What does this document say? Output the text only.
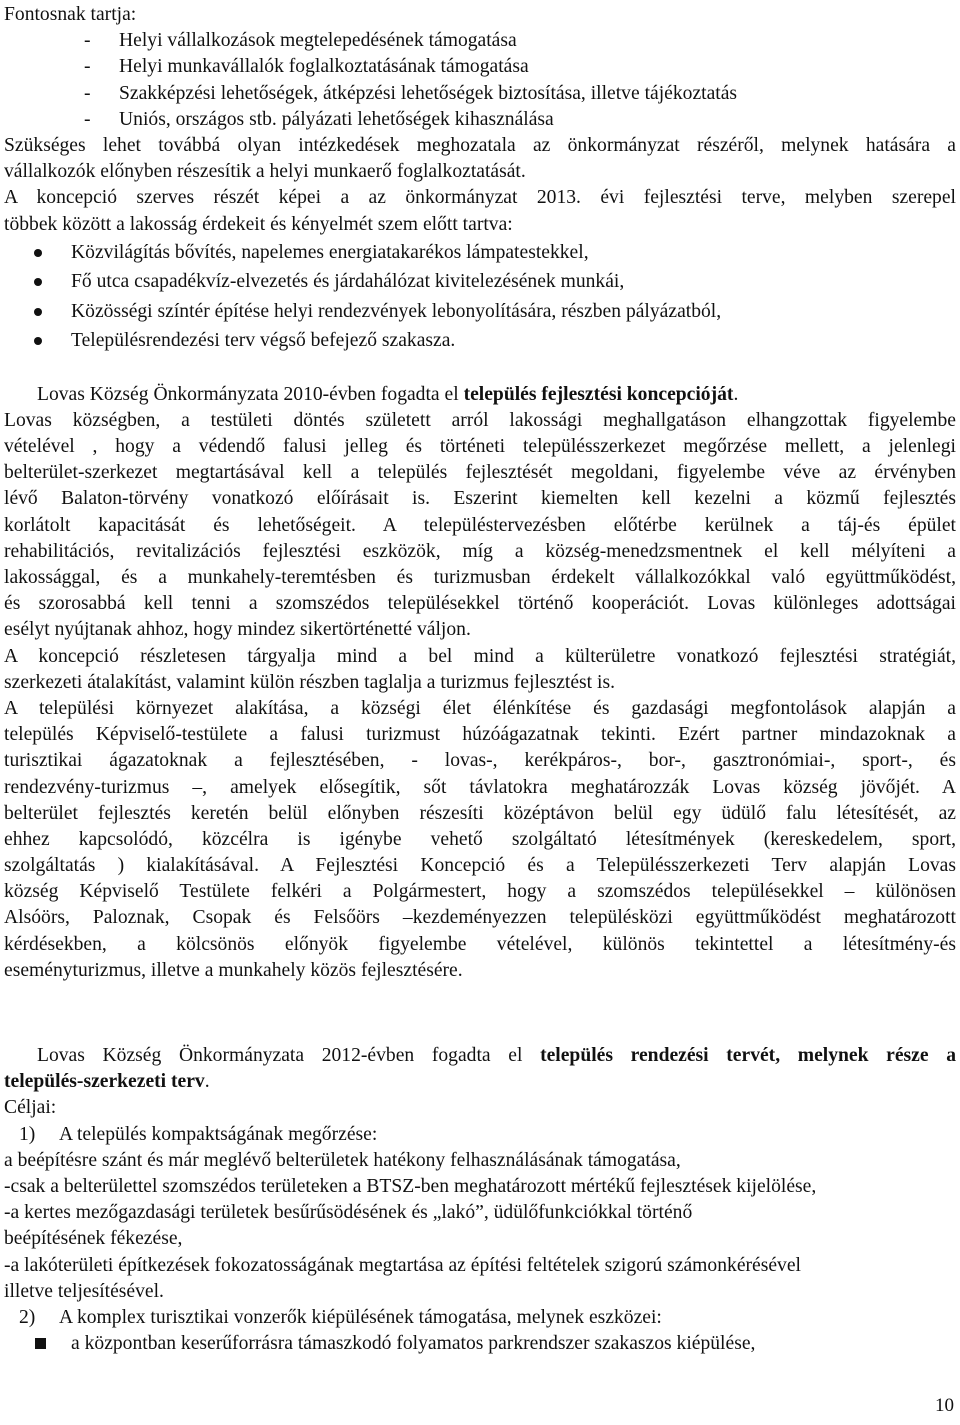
Fontosnak tartja:
- Helyi vállalkozások megtelepedésének támogatása
- Helyi munkavállalók foglalkoztatásának támogatása
- Szakképzési lehetőségek, átképzési lehetőségek biztosítása, illetve tájékoztatás
- Uniós, országos stb. pályázati lehetőségek kihasználása
Szükséges lehet továbbá olyan intézkedések meghozatala az önkormányzat részéről, melynek hatására a
vállalkozók előnyben részesítik a helyi munkaerő foglalkoztatását.
A koncepció szerves részét képei a az önkormányzat 2013. évi fejlesztési terve, melyben szerepel
többek között a lakosság érdekeit és kényelmét szem előtt tartva:
Közvilágítás bővítés, napelemes energiatakarékos lámpatestekkel,
Fő utca csapadékvíz-elvezetés és járdahálózat kivitelezésének munkái,
Közösségi színtér építése helyi rendezvények lebonyolítására, részben pályázatból,
Településrendezési terv végső befejező szakasza.
Lovas Község Önkormányzata 2010-évben fogadta el település fejlesztési koncepcióját.
Lovas községben, a testületi döntés született arról lakossági meghallgatáson elhangzottak figyelembe
vételével , hogy a védendő falusi jelleg és történeti településszerkezet megőrzése mellett, a jelenlegi
belterület-szerkezet megtartásával kell a település fejlesztését megoldani, figyelembe véve az érvényben
lévő Balaton-törvény vonatkozó előírásait is. Eszerint kiemelten kell kezelni a közmű fejlesztés
korlátolt kapacitását és lehetőségeit. A településtervezésben előtérbe kerülnek a táj-és épület
rehabilitációs, revitalizációs fejlesztési eszközök, míg a község-menedzsmentnek el kell mélyíteni a
lakossággal, és a munkahely-teremtésben és turizmusban érdekelt vállalkozókkal való együttműködést,
és szorosabbá kell tenni a szomszédos településekkel történő kooperációt. Lovas különleges adottságai
esélyt nyújtanak ahhoz, hogy mindez sikertörténetté váljon.
A koncepció részletesen tárgyalja mind a bel mind a külterületre vonatkozó fejlesztési stratégiát,
szerkezeti átalakítást, valamint külön részben taglalja a turizmus fejlesztést is.
A települési környezet alakítása, a községi élet élénkítése és gazdasági megfontolások alapján a
település Képviselő-testülete a falusi turizmust húzóágazatnak tekinti. Ezért partner mindazoknak a
turisztikai ágazatoknak a fejlesztésében, - lovas-, kerékpáros-, bor-, gasztronómiai-, sport-, és
rendezvény-turizmus –, amelyek elősegítik, sőt távlatokra meghatározzák Lovas község jövőjét. A
belterület fejlesztés keretén belül előnyben részesíti középtávon belül egy üdülő falu létesítését, az
ehhez kapcsolódó, közcélra is igénybe vehető szolgáltató létesítmények (kereskedelem, sport,
szolgáltatás ) kialakításával. A Fejlesztési Koncepció és a Településszerkezeti Terv alapján Lovas
község Képviselő Testülete felkéri a Polgármestert, hogy a szomszédos településekkel – különösen
Alsóörs, Paloznak, Csopak és Felsőörs –kezdeményezzen településközi együttműködést meghatározott
kérdésekben, a kölcsönös előnyök figyelembe vételével, különös tekintettel a létesítmény-és
eseményturizmus, illetve a munkahely közös fejlesztésére.
Lovas Község Önkormányzata 2012-évben fogadta el település rendezési tervét, melynek része a
település-szerkezeti terv.
Céljai:
1) A település kompaktságának megőrzése:
a beépítésre szánt és már meglévő belterületek hatékony felhasználásának támogatása,
-csak a belterülettel szomszédos területeken a BTSZ-ben meghatározott mértékű fejlesztések kijelölése,
-a kertes mezőgazdasági területek besűrűsödésének és „lakó”, üdülőfunkciókkal történő
beépítésének fékezése,
-a lakóterületi építkezések fokozatosságának megtartása az építési feltételek szigorú számonkérésével
illetve teljesítésével.
2) A komplex turisztikai vonzerők kiépülésének támogatása, melynek eszközei:
a központban keserűforrásra támaszkodó folyamatos parkrendszer szakaszos kiépülése,
10
